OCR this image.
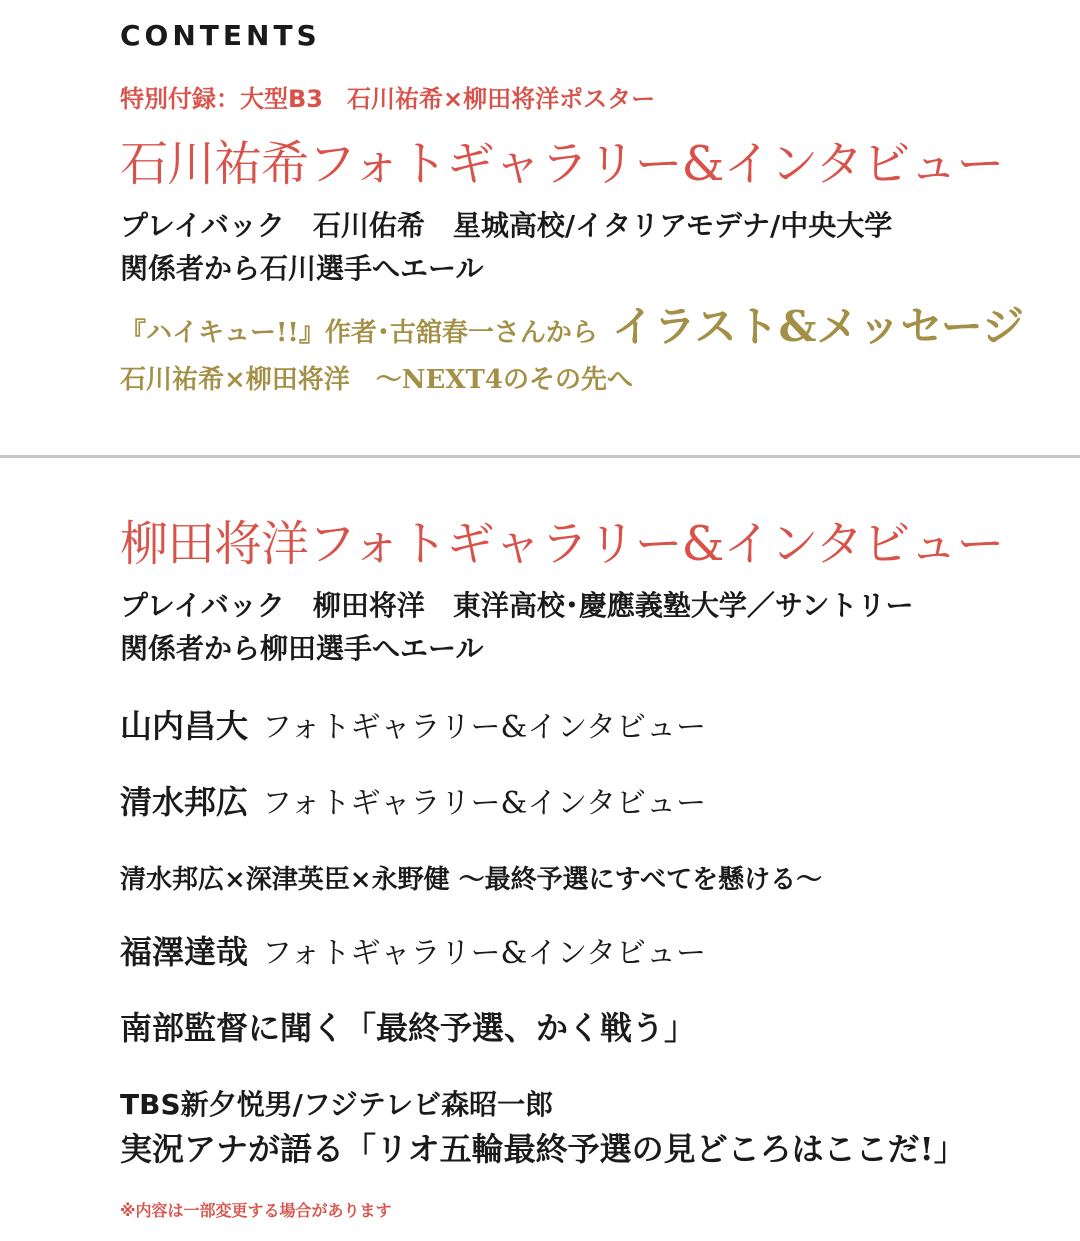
CONTENTS
特別付録：大型B3　石川祐希×柳田将洋ポスター
石川祐希フォトギャラリー&インタビュー
プレイバック　石川佑希　星城高校/イタリアモデナ/中央大学
関係者から石川選手へエール
『ハイキュー!!』作者･古舘春一さんから イラスト&メッセージ
石川祐希×柳田将洋　～NEXT4のその先へ
柳田将洋フォトギャラリー&インタビュー
プレイバック　柳田将洋　東洋高校･慶應義塾大学／サントリー
関係者から柳田選手へエール
山内昌大 フォトギャラリー&インタビュー
清水邦広 フォトギャラリー&インタビュー
清水邦広×深津英臣×永野健 ～最終予選にすべてを懸ける～
福澤達哉 フォトギャラリー&インタビュー
南部監督に聞く「最終予選、かく戦う」
TBS新夕悦男/フジテレビ森昭一郎
実況アナが語る「リオ五輪最終予選の見どころはここだ!」
※内容は一部変更する場合があります
